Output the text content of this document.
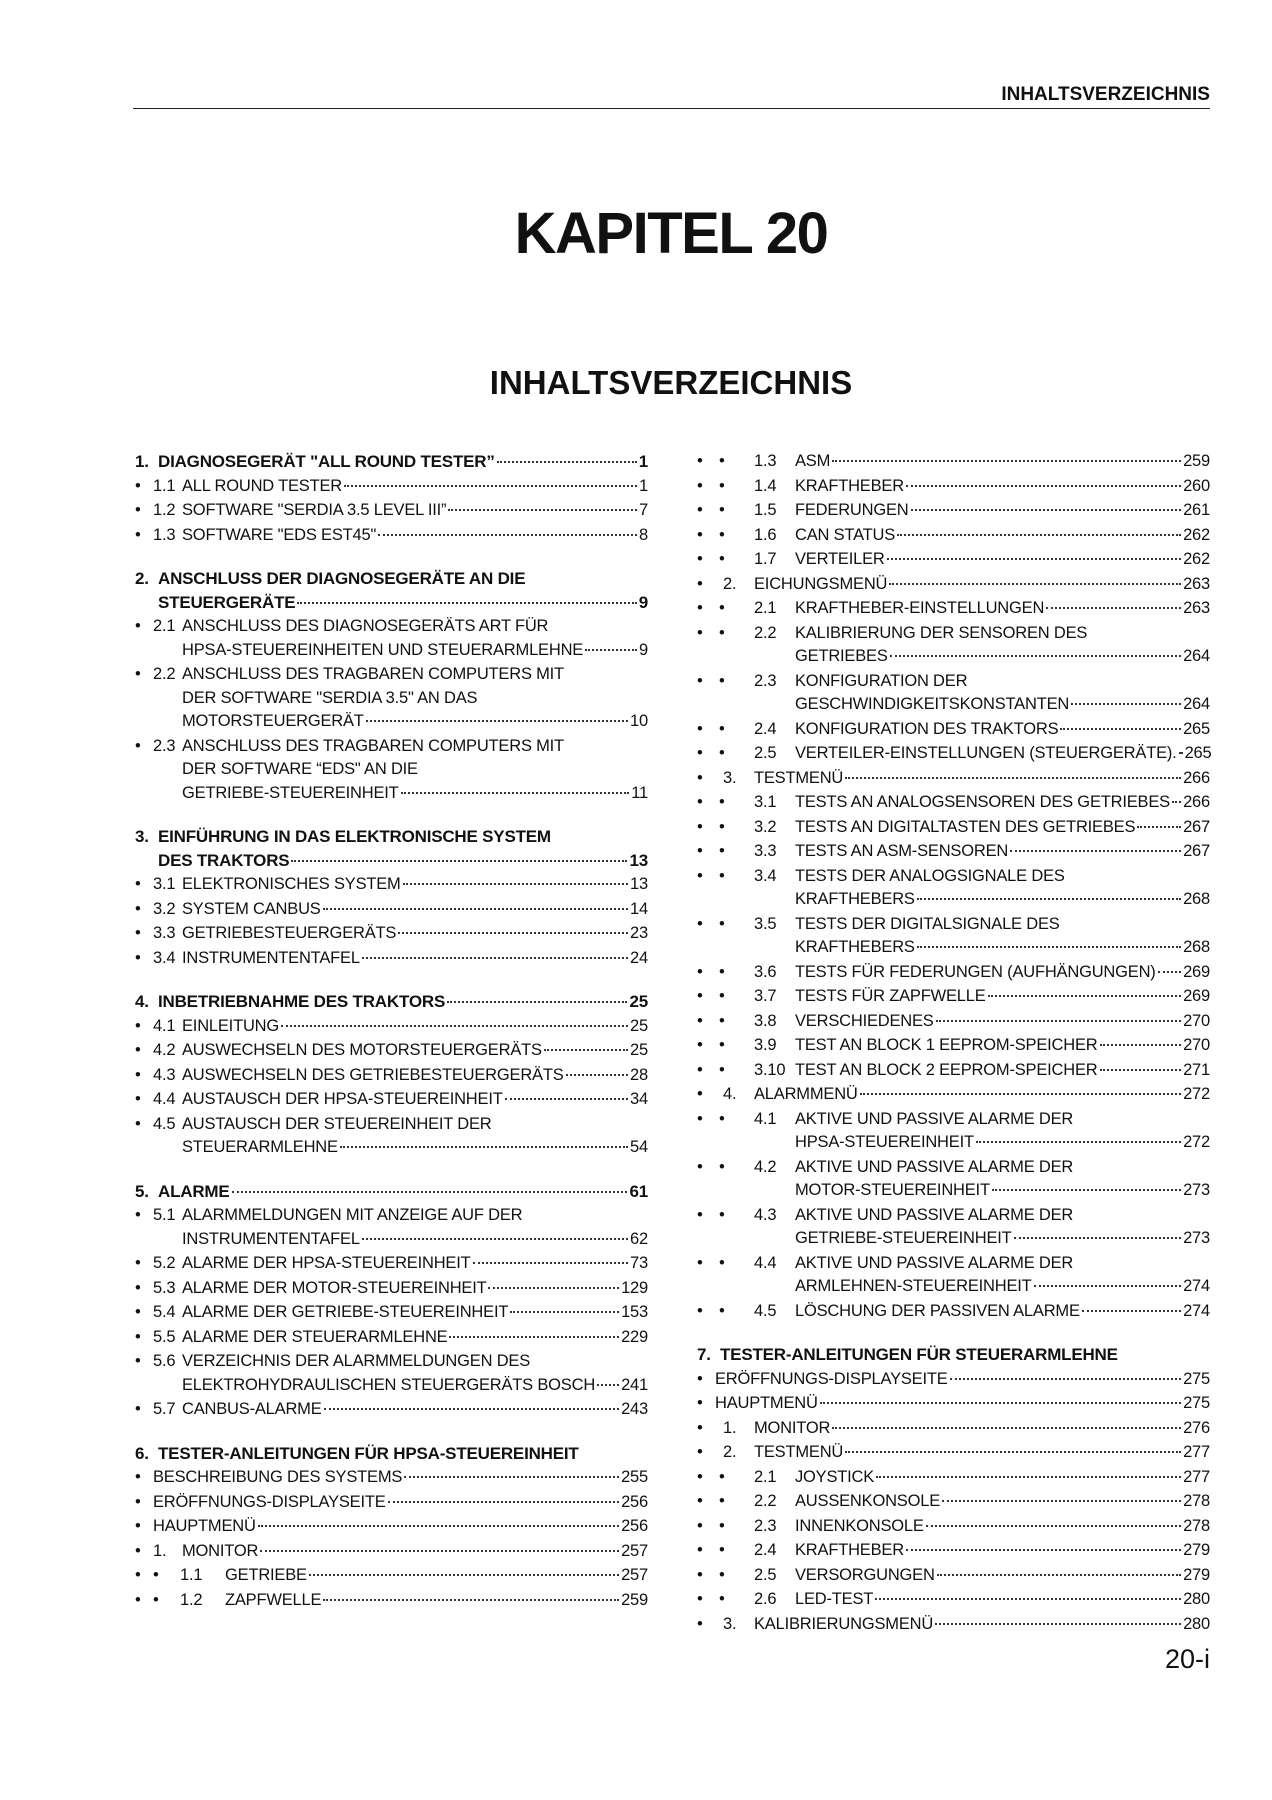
INHALTSVERZEICHNIS
KAPITEL 20
INHALTSVERZEICHNIS
1. DIAGNOSEGERÄT "ALL ROUND TESTER”	1
• 1.1 ALL ROUND TESTER	1
• 1.2 SOFTWARE "SERDIA 3.5 LEVEL III”	7
• 1.3 SOFTWARE "EDS EST45"	8
2. ANSCHLUSS DER DIAGNOSEGERÄTE AN DIE
STEUERGERÄTE	9
• 2.1 ANSCHLUSS DES DIAGNOSEGERÄTS ART FÜR
HPSA-STEUEREINHEITEN UND STEUERARMLEHNE	9
• 2.2 ANSCHLUSS DES TRAGBAREN COMPUTERS MIT
DER SOFTWARE "SERDIA 3.5" AN DAS
MOTORSTEUERGERÄT	10
• 2.3 ANSCHLUSS DES TRAGBAREN COMPUTERS MIT
DER SOFTWARE “EDS" AN DIE
GETRIEBE-STEUEREINHEIT	11
3. EINFÜHRUNG IN DAS ELEKTRONISCHE SYSTEM
DES TRAKTORS	13
• 3.1 ELEKTRONISCHES SYSTEM	13
• 3.2 SYSTEM CANBUS	14
• 3.3 GETRIEBESTEUERGERÄTS	23
• 3.4 INSTRUMENTENTAFEL	24
4. INBETRIEBNAHME DES TRAKTORS	25
• 4.1 EINLEITUNG	25
• 4.2 AUSWECHSELN DES MOTORSTEUERGERÄTS	25
• 4.3 AUSWECHSELN DES GETRIEBESTEUERGERÄTS	28
• 4.4 AUSTAUSCH DER HPSA-STEUEREINHEIT	34
• 4.5 AUSTAUSCH DER STEUEREINHEIT DER
STEUERARMLEHNE	54
5. ALARME	61
• 5.1 ALARMMELDUNGEN MIT ANZEIGE AUF DER
INSTRUMENTENTAFEL	62
• 5.2 ALARME DER HPSA-STEUEREINHEIT	73
• 5.3 ALARME DER MOTOR-STEUEREINHEIT	129
• 5.4 ALARME DER GETRIEBE-STEUEREINHEIT	153
• 5.5 ALARME DER STEUERARMLEHNE	229
• 5.6 VERZEICHNIS DER ALARMMELDUNGEN DES
ELEKTROHYDRAULISCHEN STEUERGERÄTS BOSCH 241
• 5.7 CANBUS-ALARME	243
6. TESTER-ANLEITUNGEN FÜR HPSA-STEUEREINHEIT
• BESCHREIBUNG DES SYSTEMS	255
• ERÖFFNUNGS-DISPLAYSEITE	256
• HAUPTMENÜ	256
• 1. MONITOR	257
• • 1.1 GETRIEBE	257
• • 1.2 ZAPFWELLE	259
• • 1.3 ASM	259
• • 1.4 KRAFTHEBER	260
• • 1.5 FEDERUNGEN	261
• • 1.6 CAN STATUS	262
• • 1.7 VERTEILER	262
• 2. EICHUNGSMENÜ	263
• • 2.1 KRAFTHEBER-EINSTELLUNGEN	263
• • 2.2 KALIBRIERUNG DER SENSOREN DES
GETRIEBES	264
• • 2.3 KONFIGURATION DER
GESCHWINDIGKEITSKONSTANTEN	264
• • 2.4 KONFIGURATION DES TRAKTORS	265
• • 2.5 VERTEILER-EINSTELLUNGEN (STEUERGERÄTE). 265
• 3. TESTMENÜ	266
• • 3.1 TESTS AN ANALOGSENSOREN DES GETRIEBES 266
• • 3.2 TESTS AN DIGITALTASTEN DES GETRIEBES	267
• • 3.3 TESTS AN ASM-SENSOREN	267
• • 3.4 TESTS DER ANALOGSIGNALE DES
KRAFTHEBERS	268
• • 3.5 TESTS DER DIGITALSIGNALE DES
KRAFTHEBERS	268
• • 3.6 TESTS FÜR FEDERUNGEN (AUFHÄNGUNGEN) 269
• • 3.7 TESTS FÜR ZAPFWELLE	269
• • 3.8 VERSCHIEDENES	270
• • 3.9 TEST AN BLOCK 1 EEPROM-SPEICHER	270
• • 3.10 TEST AN BLOCK 2 EEPROM-SPEICHER	271
• 4. ALARMMENÜ	272
• • 4.1 AKTIVE UND PASSIVE ALARME DER
HPSA-STEUEREINHEIT	272
• • 4.2 AKTIVE UND PASSIVE ALARME DER
MOTOR-STEUEREINHEIT	273
• • 4.3 AKTIVE UND PASSIVE ALARME DER
GETRIEBE-STEUEREINHEIT	273
• • 4.4 AKTIVE UND PASSIVE ALARME DER
ARMLEHNEN-STEUEREINHEIT	274
• • 4.5 LÖSCHUNG DER PASSIVEN ALARME	274
7. TESTER-ANLEITUNGEN FÜR STEUERARMLEHNE
• ERÖFFNUNGS-DISPLAYSEITE	275
• HAUPTMENÜ	275
• 1. MONITOR	276
• 2. TESTMENÜ	277
• • 2.1 JOYSTICK	277
• • 2.2 AUSSENKONSOLE	278
• • 2.3 INNENKONSOLE	278
• • 2.4 KRAFTHEBER	279
• • 2.5 VERSORGUNGEN	279
• • 2.6 LED-TEST	280
• 3. KALIBRIERUNGSMENÜ	280
20-i
